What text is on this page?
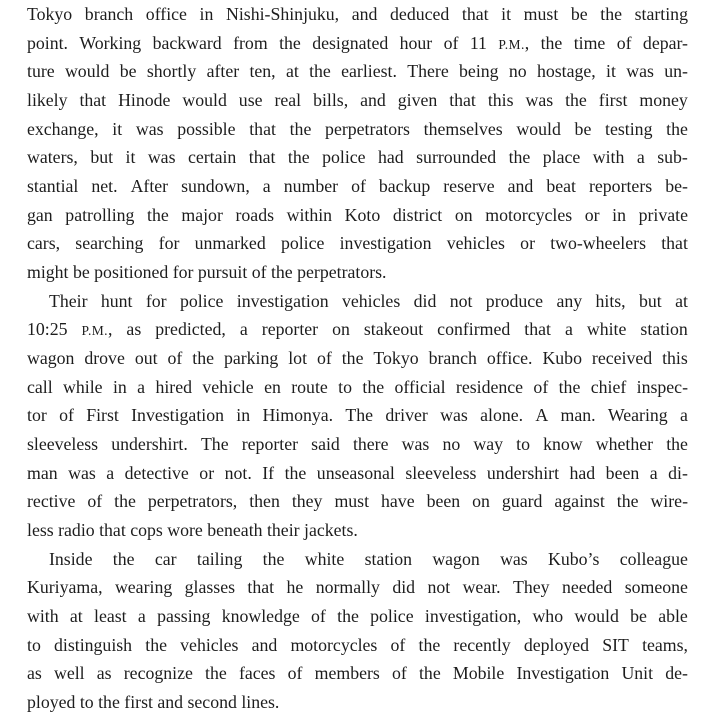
Tokyo branch office in Nishi-Shinjuku, and deduced that it must be the starting
point. Working backward from the designated hour of 11 P.M., the time of depar-
ture would be shortly after ten, at the earliest. There being no hostage, it was un-
likely that Hinode would use real bills, and given that this was the first money
exchange, it was possible that the perpetrators themselves would be testing the
waters, but it was certain that the police had surrounded the place with a sub-
stantial net. After sundown, a number of backup reserve and beat reporters be-
gan patrolling the major roads within Koto district on motorcycles or in private
cars, searching for unmarked police investigation vehicles or two-wheelers that
might be positioned for pursuit of the perpetrators.
Their hunt for police investigation vehicles did not produce any hits, but at
10:25 P.M., as predicted, a reporter on stakeout confirmed that a white station
wagon drove out of the parking lot of the Tokyo branch office. Kubo received this
call while in a hired vehicle en route to the official residence of the chief inspec-
tor of First Investigation in Himonya. The driver was alone. A man. Wearing a
sleeveless undershirt. The reporter said there was no way to know whether the
man was a detective or not. If the unseasonal sleeveless undershirt had been a di-
rective of the perpetrators, then they must have been on guard against the wire-
less radio that cops wore beneath their jackets.
Inside the car tailing the white station wagon was Kubo’s colleague
Kuriyama, wearing glasses that he normally did not wear. They needed someone
with at least a passing knowledge of the police investigation, who would be able
to distinguish the vehicles and motorcycles of the recently deployed SIT teams,
as well as recognize the faces of members of the Mobile Investigation Unit de-
ployed to the first and second lines.
